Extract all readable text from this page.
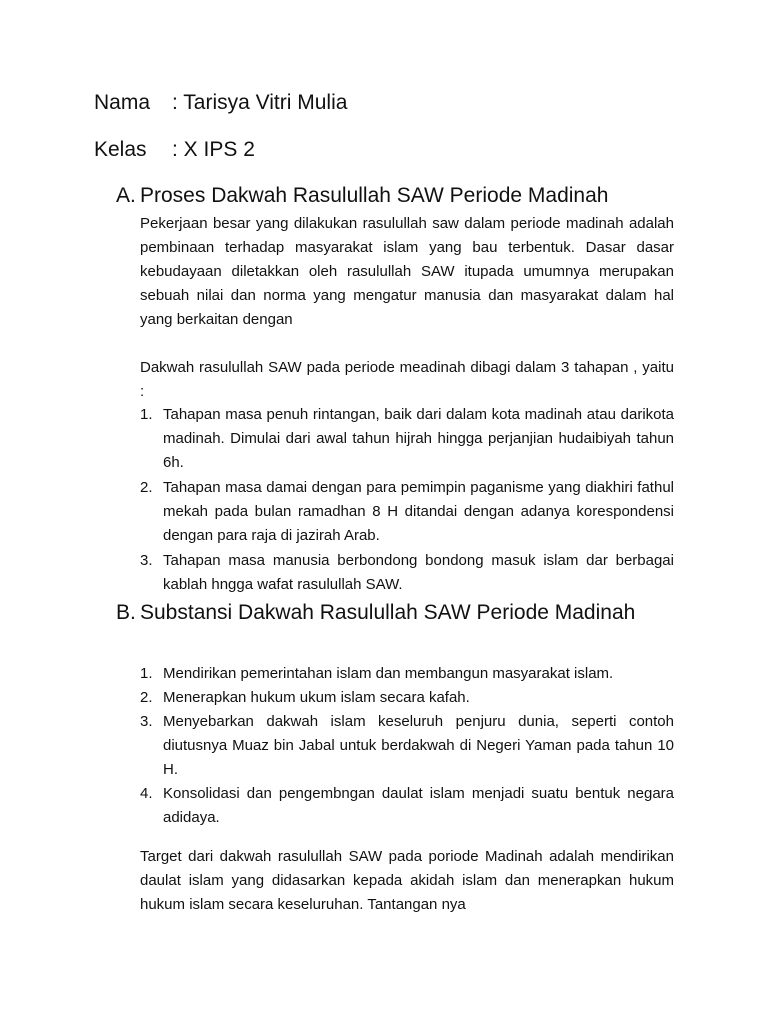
Nama : Tarisya Vitri Mulia
Kelas : X IPS 2
A. Proses Dakwah Rasulullah SAW Periode Madinah

Pekerjaan besar yang dilakukan rasulullah saw dalam periode madinah adalah pembinaan terhadap masyarakat islam yang bau terbentuk. Dasar dasar kebudayaan diletakkan oleh rasulullah SAW itupada umumnya merupakan sebuah nilai dan norma yang mengatur manusia dan masyarakat dalam hal yang berkaitan dengan

Dakwah rasulullah SAW pada periode meadinah dibagi dalam 3 tahapan , yaitu :

1. Tahapan masa penuh rintangan, baik dari dalam kota madinah atau darikota madinah. Dimulai dari awal tahun hijrah hingga perjanjian hudaibiyah tahun 6h.
2. Tahapan masa damai dengan para pemimpin paganisme yang diakhiri fathul mekah pada bulan ramadhan 8 H ditandai dengan adanya korespondensi dengan para raja di jazirah Arab.
3. Tahapan masa manusia berbondong bondong masuk islam dar berbagai kablah hngga wafat rasulullah SAW.
B. Substansi Dakwah Rasulullah SAW Periode Madinah
1. Mendirikan pemerintahan islam dan membangun masyarakat islam.
2. Menerapkan hukum ukum islam secara kafah.
3. Menyebarkan dakwah islam keseluruh penjuru dunia, seperti contoh diutusnya Muaz bin Jabal untuk berdakwah di Negeri Yaman pada tahun 10 H.
4. Konsolidasi dan pengembngan daulat islam menjadi suatu bentuk negara adidaya.

Target dari dakwah rasulullah SAW pada poriode Madinah adalah mendirikan daulat islam yang didasarkan kepada akidah islam dan menerapkan hukum hukum islam secara keseluruhan. Tantangan nya
